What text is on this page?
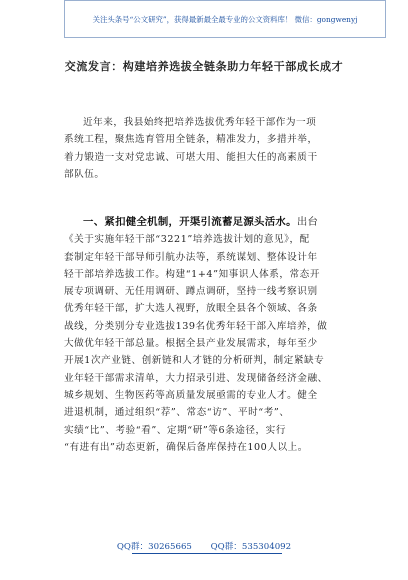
关注头条号“公文研究”，获得最新最全最专业的公文资料库！ 微信：gongwenyj
交流发言：构建培养选拔全链条助力年轻干部成长成才
近年来，我县始终把培养选拔优秀年轻干部作为一项
系统工程，聚焦选育管用全链条，精准发力，多措并举，
着力锻造一支对党忠诚、可堪大用、能担大任的高素质干
部队伍。
一、紧扣健全机制，开渠引流蓄足源头活水。出台
《关于实施年轻干部“3221”培养选拔计划的意见》，配
套制定年轻干部导师引航办法等，系统谋划、整体设计年
轻干部培养选拔工作。构建“1+4”知事识人体系，常态开
展专项调研、无任用调研、蹲点调研，坚持一线考察识别
优秀年轻干部，扩大选人视野，放眼全县各个领域、各条
战线，分类别分专业选拔139名优秀年轻干部入库培养，做
大做优年轻干部总量。根据全县产业发展需求，每年至少
开展1次产业链、创新链和人才链的分析研判，制定紧缺专
业年轻干部需求清单，大力招录引进、发现储备经济金融、
城乡规划、生物医药等高质量发展亟需的专业人才。健全
进退机制，通过组织“荐”、常态“访”、平时“考”、
实绩“比”、考验“看”、定期“研”等6条途径，实行
“有进有出”动态更新，确保后备库保持在100人以上。
QQ群：30265665 QQ群：535304092
